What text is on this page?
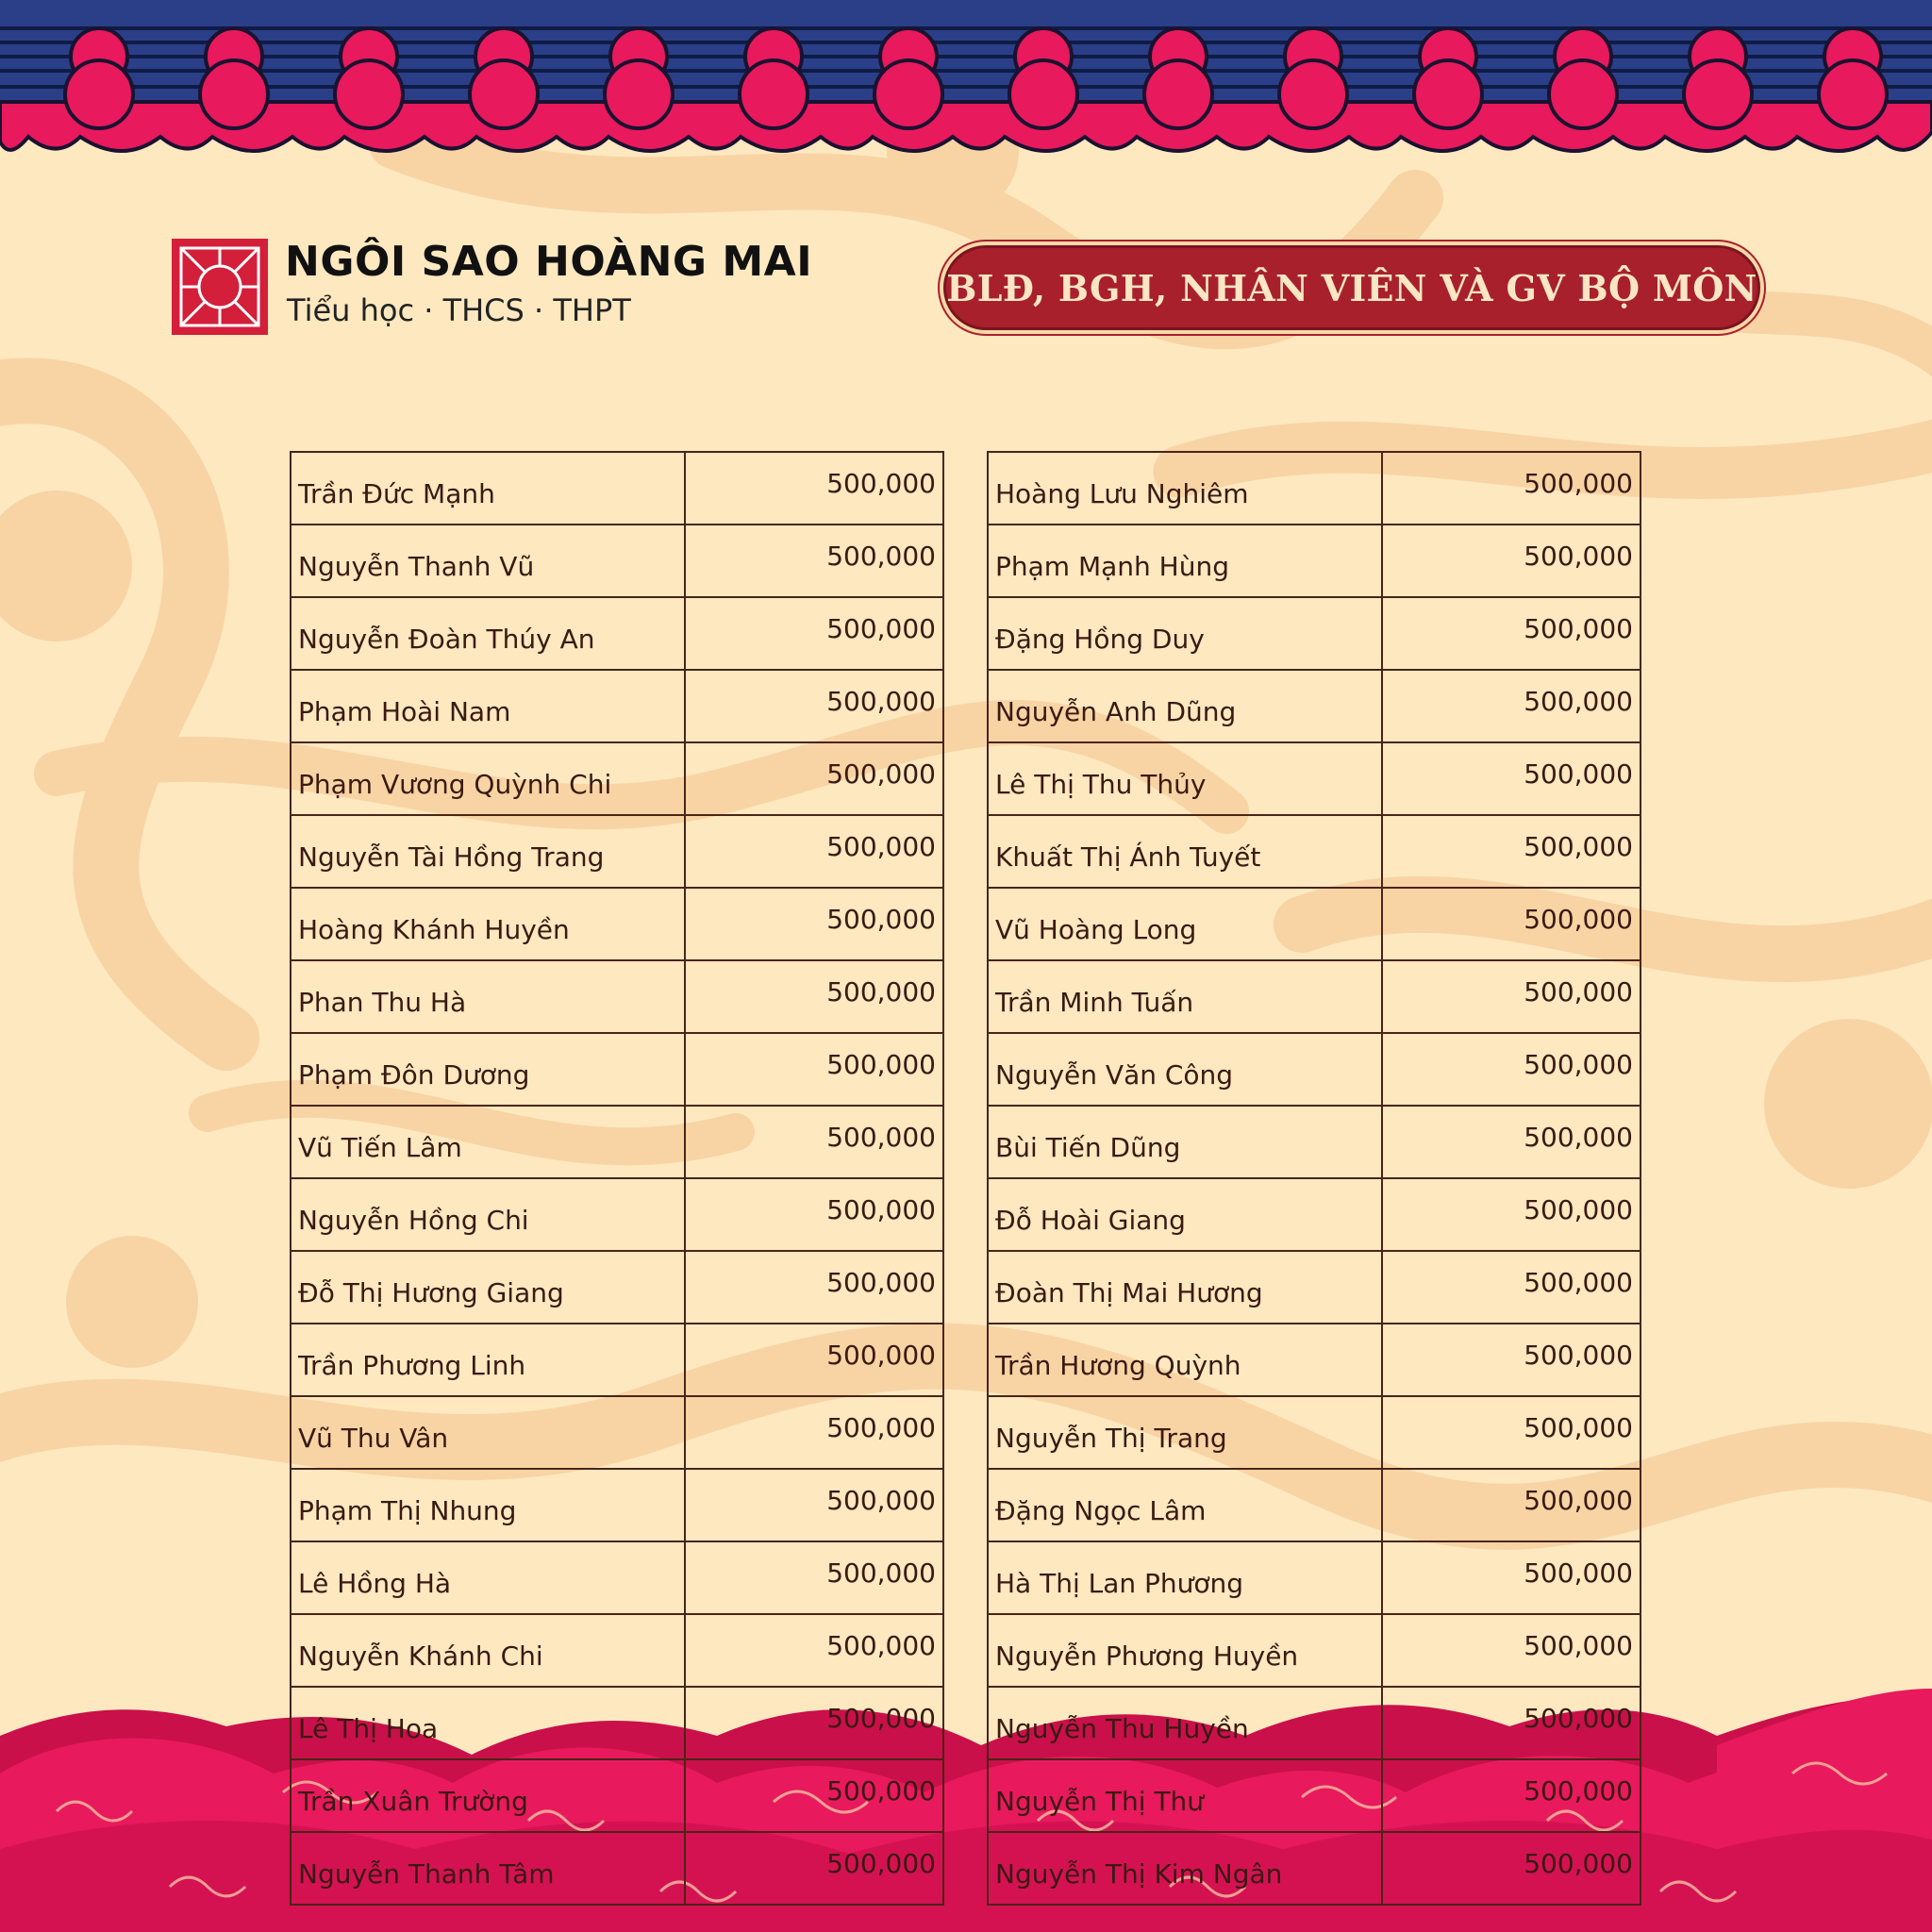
NGÔI SAO HOÀNG MAI
Tiểu học · THCS · THPT
BLĐ, BGH, NHÂN VIÊN VÀ GV BỘ MÔN
Trần Đức Mạnh	500,000
Nguyễn Thanh Vũ	500,000
Nguyễn Đoàn Thúy An	500,000
Phạm Hoài Nam	500,000
Phạm Vương Quỳnh Chi	500,000
Nguyễn Tài Hồng Trang	500,000
Hoàng Khánh Huyền	500,000
Phan Thu Hà	500,000
Phạm Đôn Dương	500,000
Vũ Tiến Lâm	500,000
Nguyễn Hồng Chi	500,000
Đỗ Thị Hương Giang	500,000
Trần Phương Linh	500,000
Vũ Thu Vân	500,000
Phạm Thị Nhung	500,000
Lê Hồng Hà	500,000
Nguyễn Khánh Chi	500,000
Lê Thị Hoa	500,000
Trần Xuân Trường	500,000
Nguyễn Thanh Tâm	500,000
Hoàng Lưu Nghiêm	500,000
Phạm Mạnh Hùng	500,000
Đặng Hồng Duy	500,000
Nguyễn Anh Dũng	500,000
Lê Thị Thu Thủy	500,000
Khuất Thị Ánh Tuyết	500,000
Vũ Hoàng Long	500,000
Trần Minh Tuấn	500,000
Nguyễn Văn Công	500,000
Bùi Tiến Dũng	500,000
Đỗ Hoài Giang	500,000
Đoàn Thị Mai Hương	500,000
Trần Hương Quỳnh	500,000
Nguyễn Thị Trang	500,000
Đặng Ngọc Lâm	500,000
Hà Thị Lan Phương	500,000
Nguyễn Phương Huyền	500,000
Nguyễn Thu Huyền	500,000
Nguyễn Thị Thư	500,000
Nguyễn Thị Kim Ngân	500,000
